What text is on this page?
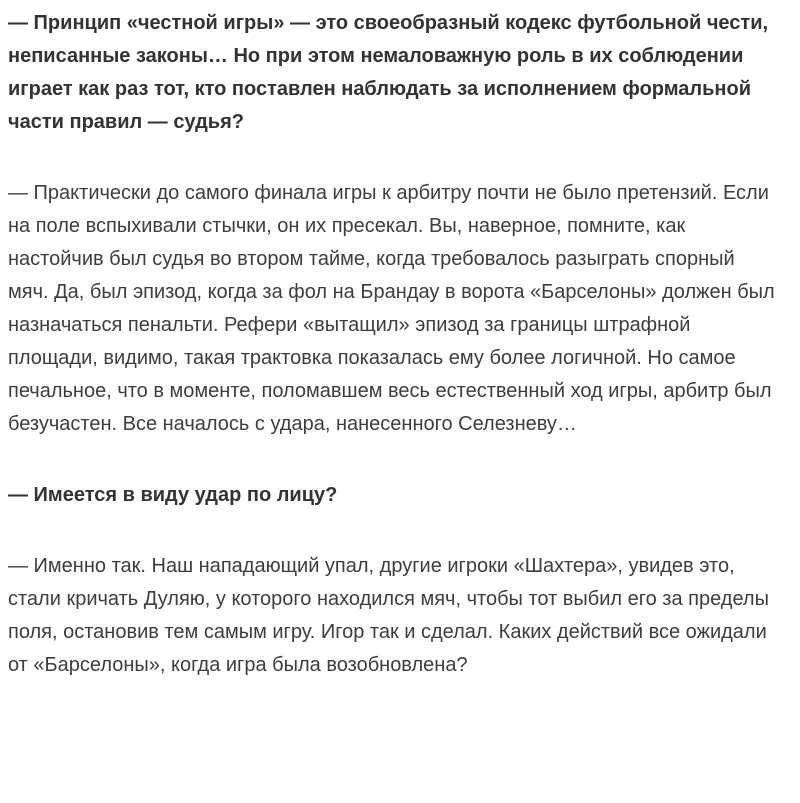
— Принцип «честной игры» — это своеобразный кодекс футбольной чести, неписанные законы… Но при этом немаловажную роль в их соблюдении играет как раз тот, кто поставлен наблюдать за исполнением формальной части правил — судья?

— Практически до самого финала игры к арбитру почти не было претензий. Если на поле вспыхивали стычки, он их пресекал. Вы, наверное, помните, как настойчив был судья во втором тайме, когда требовалось разыграть спорный мяч. Да, был эпизод, когда за фол на Брандау в ворота «Барселоны» должен был назначаться пенальти. Рефери «вытащил» эпизод за границы штрафной площади, видимо, такая трактовка показалась ему более логичной. Но самое печальное, что в моменте, поломавшем весь естественный ход игры, арбитр был безучастен. Все началось с удара, нанесенного Селезневу…

— Имеется в виду удар по лицу?

— Именно так. Наш нападающий упал, другие игроки «Шахтера», увидев это, стали кричать Дуляю, у которого находился мяч, чтобы тот выбил его за пределы поля, остановив тем самым игру. Игор так и сделал. Каких действий все ожидали от «Барселоны», когда игра была возобновлена?
